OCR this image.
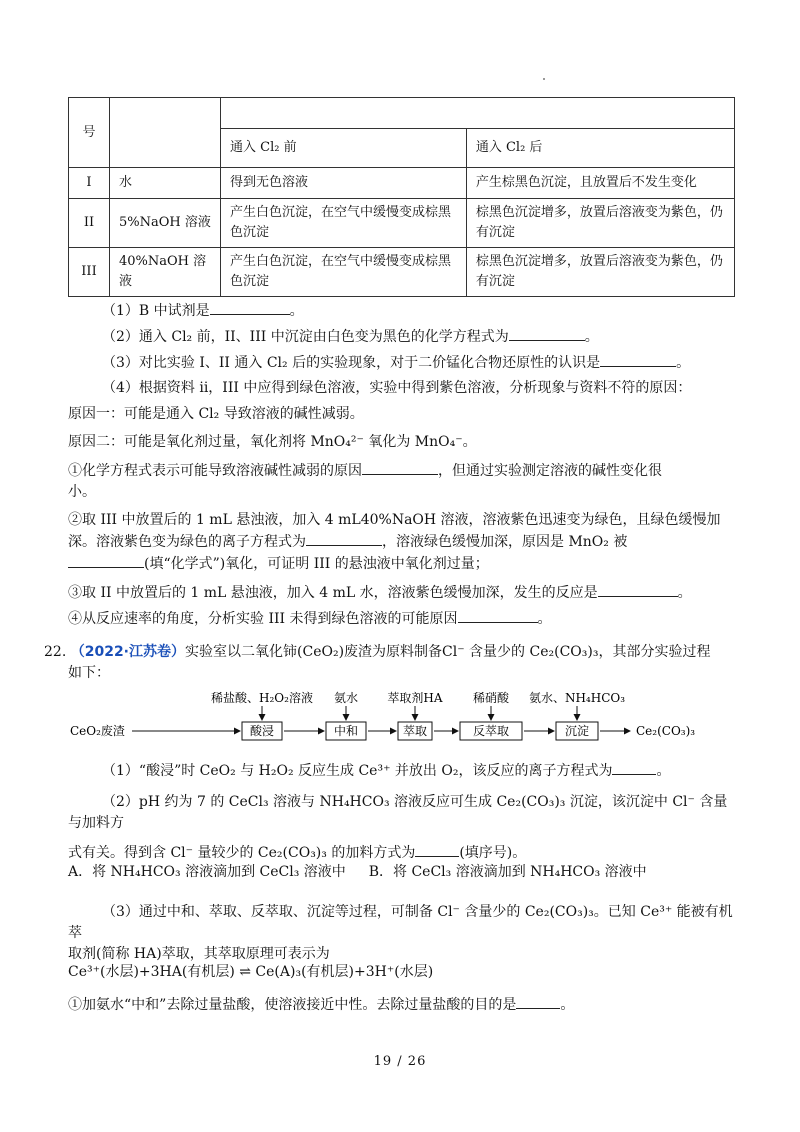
号			
		通入 Cl₂ 前	通入 Cl₂ 后
I	水	得到无色溶液	产生棕黑色沉淀，且放置后不发生变化
II	5%NaOH 溶液	产生白色沉淀，在空气中缓慢变成棕黑色沉淀	棕黑色沉淀增多，放置后溶液变为紫色，仍有沉淀
III	40%NaOH 溶液	产生白色沉淀，在空气中缓慢变成棕黑色沉淀	棕黑色沉淀增多，放置后溶液变为紫色，仍有沉淀
（1）B 中试剂是	。
（2）通入 Cl₂ 前，II、III 中沉淀由白色变为黑色的化学方程式为	。
（3）对比实验 I、II 通入 Cl₂ 后的实验现象，对于二价锰化合物还原性的认识是	。
（4）根据资料 ii，III 中应得到绿色溶液，实验中得到紫色溶液，分析现象与资料不符的原因：
原因一：可能是通入 Cl₂ 导致溶液的碱性减弱。
原因二：可能是氧化剂过量，氧化剂将 MnO₄²⁻ 氧化为 MnO₄⁻。
①化学方程式表示可能导致溶液碱性减弱的原因	，但通过实验测定溶液的碱性变化很
小。
②取 III 中放置后的 1 mL 悬浊液，加入 4 mL40%NaOH 溶液，溶液紫色迅速变为绿色，且绿色缓慢加
深。溶液紫色变为绿色的离子方程式为	，溶液绿色缓慢加深，原因是 MnO₂ 被
(填“化学式”)氧化，可证明 III 的悬浊液中氧化剂过量；
③取 II 中放置后的 1 mL 悬浊液，加入 4 mL 水，溶液紫色缓慢加深，发生的反应是	。
④从反应速率的角度，分析实验 III 未得到绿色溶液的可能原因	。
22. （2022·江苏卷）实验室以二氧化铈(CeO₂)废渣为原料制备Cl⁻ 含量少的 Ce₂(CO₃)₃，其部分实验过程
如下：
CeO₂废渣	酸浸
稀盐酸、H₂O₂溶液
中和
氨水
萃取
萃取剂HA
反萃取
稀硝酸
沉淀
氨水、NH₄HCO₃
Ce₂(CO₃)₃
（1）“酸浸”时 CeO₂ 与 H₂O₂ 反应生成 Ce³⁺ 并放出 O₂，该反应的离子方程式为	。
（2）pH 约为 7 的 CeCl₃ 溶液与 NH₄HCO₃ 溶液反应可生成 Ce₂(CO₃)₃ 沉淀，该沉淀中 Cl⁻ 含量与加料方
式有关。得到含 Cl⁻ 量较少的 Ce₂(CO₃)₃ 的加料方式为	(填序号)。
A．将 NH₄HCO₃ 溶液滴加到 CeCl₃ 溶液中 B．将 CeCl₃ 溶液滴加到 NH₄HCO₃ 溶液中
（3）通过中和、萃取、反萃取、沉淀等过程，可制备 Cl⁻ 含量少的 Ce₂(CO₃)₃。已知 Ce³⁺ 能被有机萃
取剂(简称 HA)萃取，其萃取原理可表示为
Ce³⁺(水层)+3HA(有机层) ⇌ Ce(A)₃(有机层)+3H⁺(水层)
①加氨水“中和”去除过量盐酸，使溶液接近中性。去除过量盐酸的目的是	。
19 / 26
